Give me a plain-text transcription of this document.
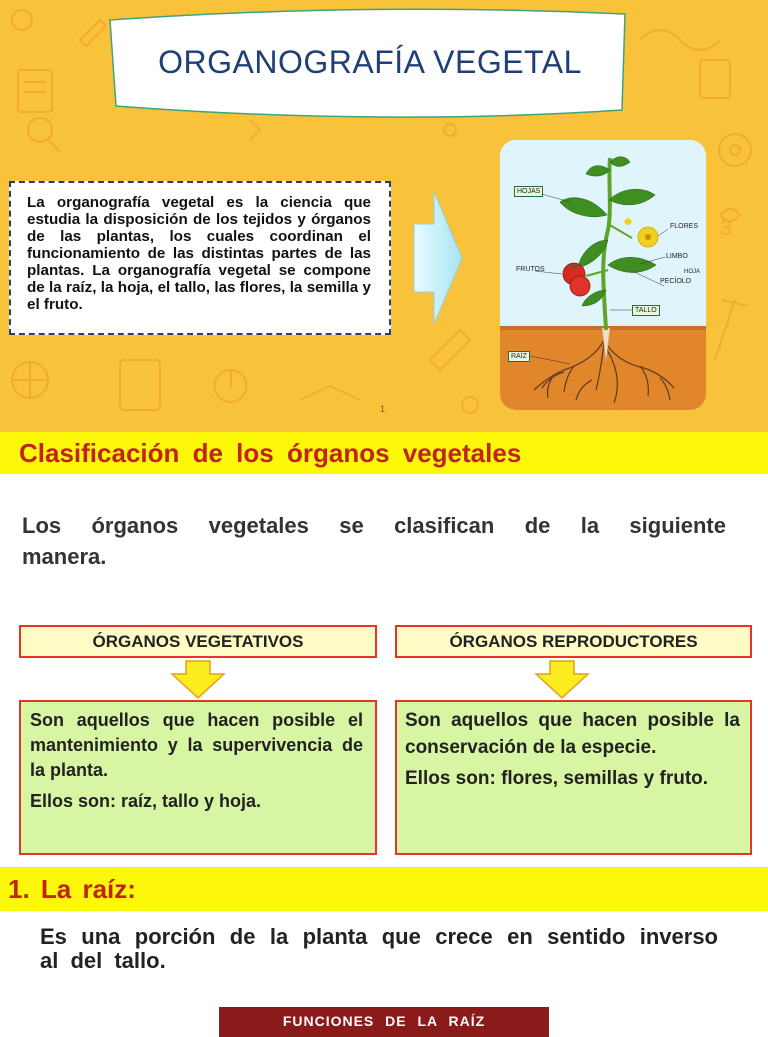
3
ORGANOGRAFÍA VEGETAL
La organografía vegetal es la ciencia que estudia la disposición de los tejidos y órganos de las plantas, los cuales coordinan el funcionamiento de las distintas partes de las plantas. La organografía vegetal se compone de la raíz, la hoja, el tallo, las flores, la semilla y el fruto.
HOJAS
FLORES
LIMBO
HOJA
FRUTOS
PECÍOLO
TALLO
RAÍZ
1
Clasificación de los órganos vegetales
Los órganos vegetales se clasifican de la siguiente manera.
ÓRGANOS VEGETATIVOS	ÓRGANOS REPRODUCTORES
Son aquellos que hacen posible el mantenimiento y la supervivencia de la planta.
Ellos son: raíz, tallo y hoja.
Son aquellos que hacen posible la conservación de la especie.
Ellos son: flores, semillas y fruto.
1. La raíz:
Es una porción de la planta que crece en sentido inverso al del tallo.
FUNCIONES DE LA RAÍZ
